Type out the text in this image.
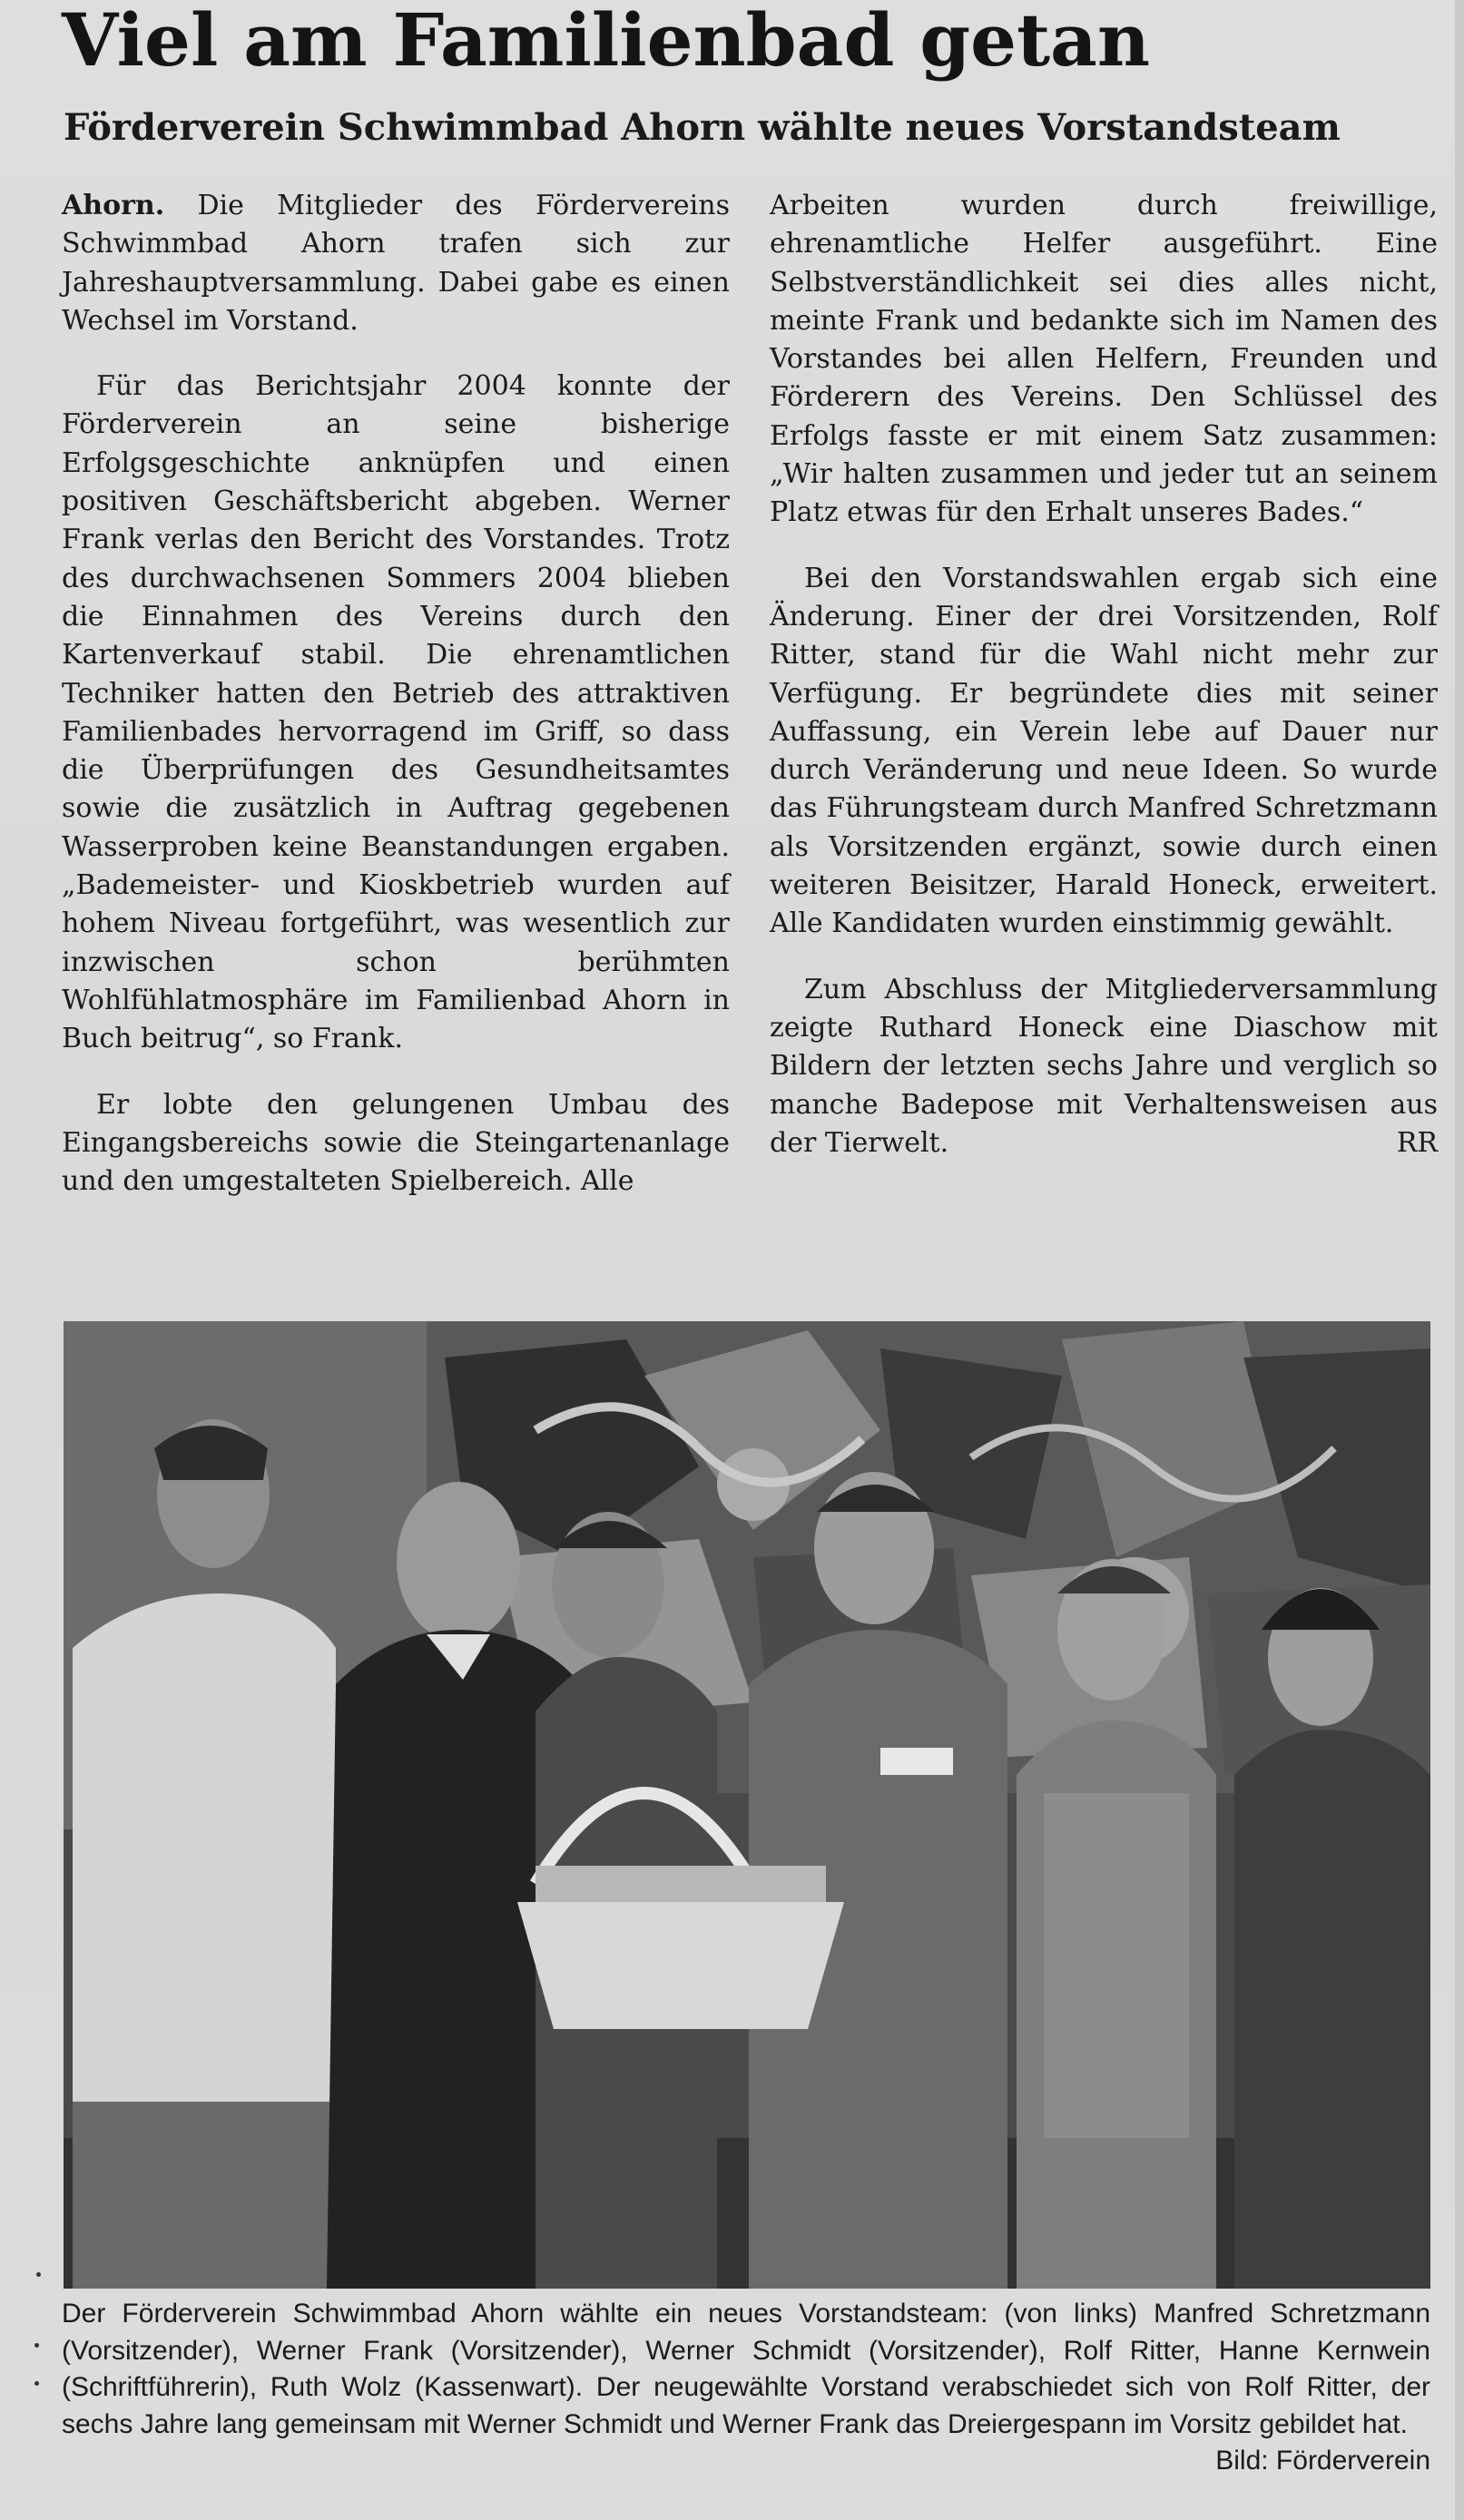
Viel am Familienbad getan
Förderverein Schwimmbad Ahorn wählte neues Vorstandsteam

Ahorn. Die Mitglieder des Fördervereins Schwimmbad Ahorn trafen sich zur Jahreshauptversammlung. Dabei gabe es einen Wechsel im Vorstand.

Für das Berichtsjahr 2004 konnte der Förderverein an seine bisherige Erfolgsgeschichte anknüpfen und einen positiven Geschäftsbericht abgeben. Werner Frank verlas den Bericht des Vorstandes. Trotz des durchwachsenen Sommers 2004 blieben die Einnahmen des Vereins durch den Kartenverkauf stabil. Die ehrenamtlichen Techniker hatten den Betrieb des attraktiven Familienbades hervorragend im Griff, so dass die Überprüfungen des Gesundheitsamtes sowie die zusätzlich in Auftrag gegebenen Wasserproben keine Beanstandungen ergaben. „Bademeister- und Kioskbetrieb wurden auf hohem Niveau fortgeführt, was wesentlich zur inzwischen schon berühmten Wohlfühlatmosphäre im Familienbad Ahorn in Buch beitrug“, so Frank.

Er lobte den gelungenen Umbau des Eingangsbereichs sowie die Steingartenanlage und den umgestalteten Spielbereich. Alle

Arbeiten wurden durch freiwillige, ehrenamtliche Helfer ausgeführt. Eine Selbstverständlichkeit sei dies alles nicht, meinte Frank und bedankte sich im Namen des Vorstandes bei allen Helfern, Freunden und Förderern des Vereins. Den Schlüssel des Erfolgs fasste er mit einem Satz zusammen: „Wir halten zusammen und jeder tut an seinem Platz etwas für den Erhalt unseres Bades.“

Bei den Vorstandswahlen ergab sich eine Änderung. Einer der drei Vorsitzenden, Rolf Ritter, stand für die Wahl nicht mehr zur Verfügung. Er begründete dies mit seiner Auffassung, ein Verein lebe auf Dauer nur durch Veränderung und neue Ideen. So wurde das Führungsteam durch Manfred Schretzmann als Vorsitzenden ergänzt, sowie durch einen weiteren Beisitzer, Harald Honeck, erweitert. Alle Kandidaten wurden einstimmig gewählt.

Zum Abschluss der Mitgliederversammlung zeigte Ruthard Honeck eine Diaschow mit Bildern der letzten sechs Jahre und verglich so manche Badepose mit Verhaltensweisen aus der Tierwelt.	RR

Der Förderverein Schwimmbad Ahorn wählte ein neues Vorstandsteam: (von links) Manfred Schretzmann (Vorsitzender), Werner Frank (Vorsitzender), Werner Schmidt (Vorsitzender), Rolf Ritter, Hanne Kernwein (Schriftführerin), Ruth Wolz (Kassenwart). Der neugewählte Vorstand verabschiedet sich von Rolf Ritter, der sechs Jahre lang gemeinsam mit Werner Schmidt und Werner Frank das Dreiergespann im Vorsitz gebildet hat.
Bild: Förderverein
